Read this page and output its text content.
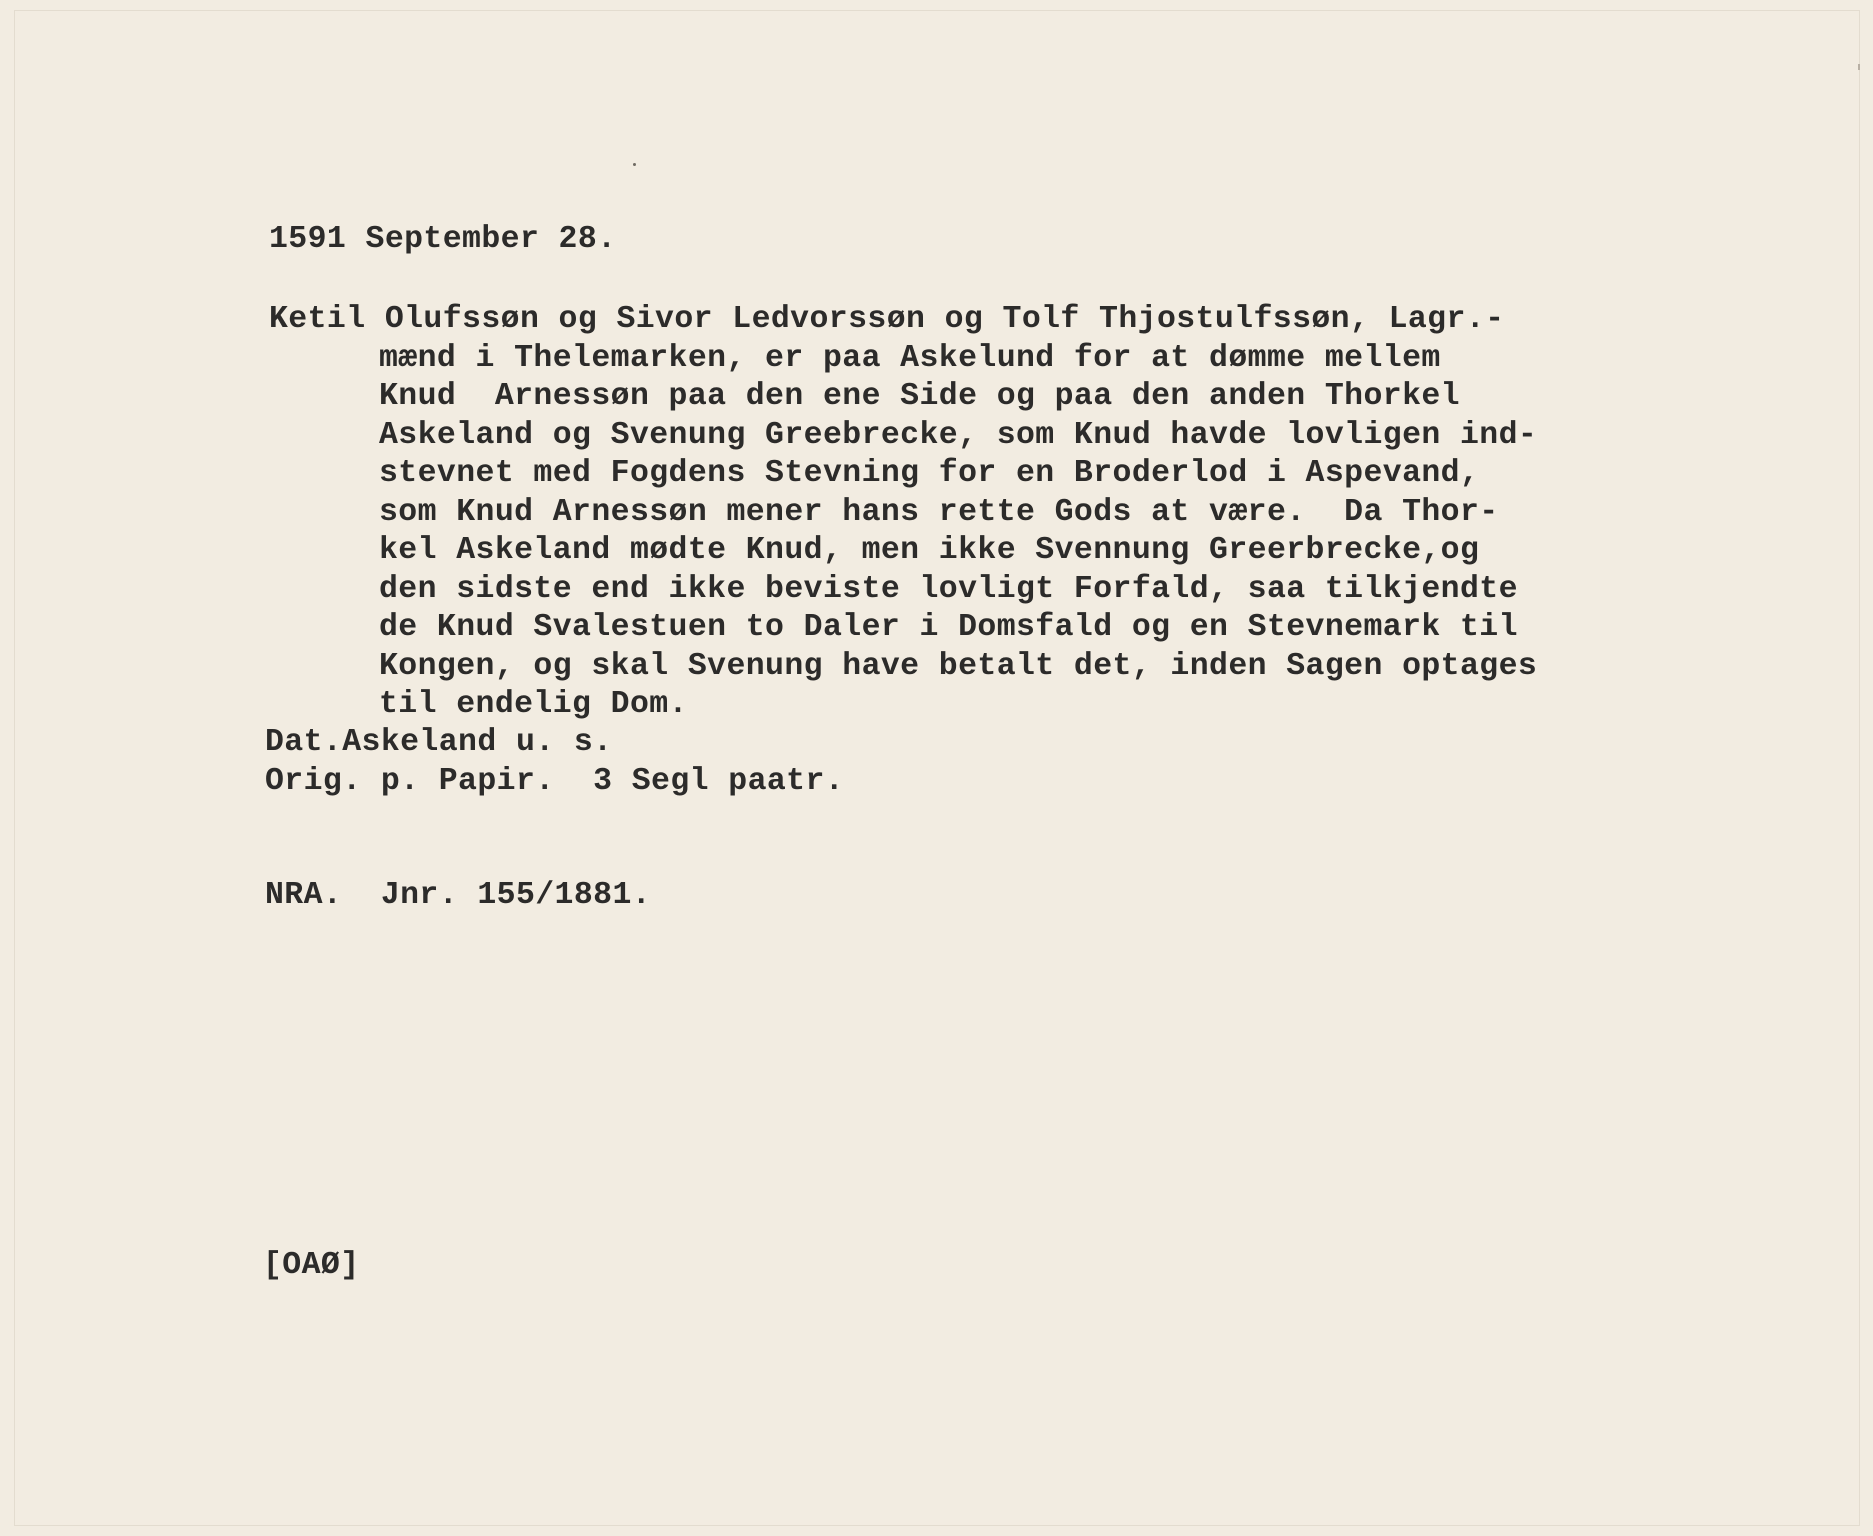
1591 September 28.

Ketil Olufssøn og Sivor Ledvorssøn og Tolf Thjostulfssøn, Lagr.-

mænd i Thelemarken, er paa Askelund for at dømme mellem

Knud  Arnessøn paa den ene Side og paa den anden Thorkel

Askeland og Svenung Greebrecke, som Knud havde lovligen ind-

stevnet med Fogdens Stevning for en Broderlod i Aspevand,

som Knud Arnessøn mener hans rette Gods at være.  Da Thor-

kel Askeland mødte Knud, men ikke Svennung Greerbrecke,og

den sidste end ikke beviste lovligt Forfald, saa tilkjendte

de Knud Svalestuen to Daler i Domsfald og en Stevnemark til

Kongen, og skal Svenung have betalt det, inden Sagen optages

til endelig Dom.

Dat.Askeland u. s.
Orig. p. Papir.  3 Segl paatr.
NRA.  Jnr. 155/1881.
[OAØ]
